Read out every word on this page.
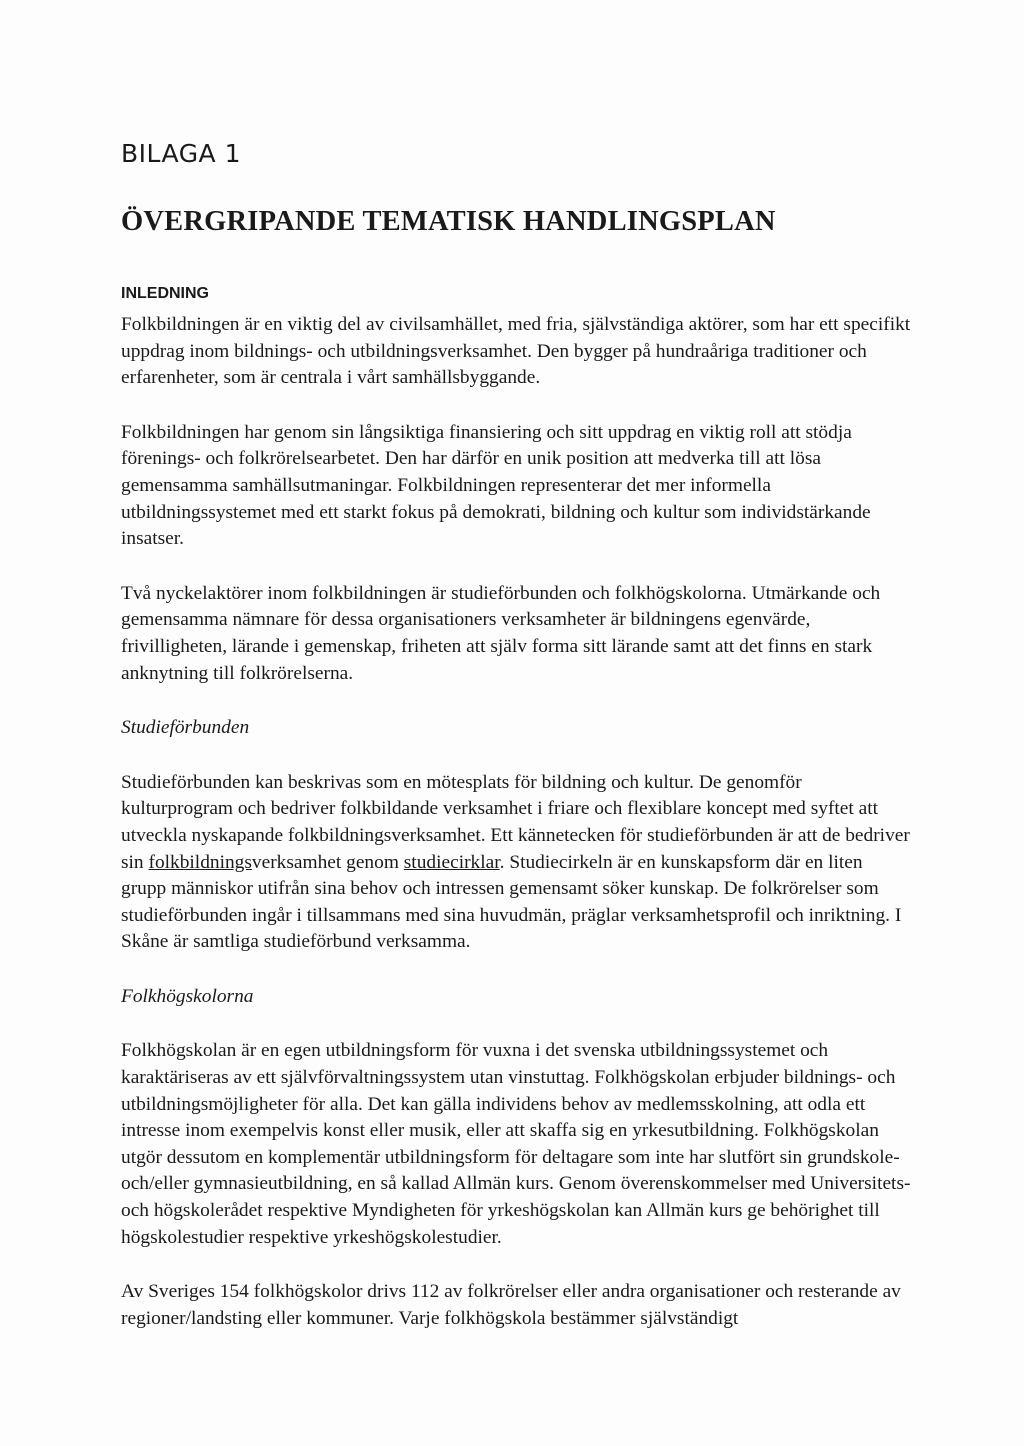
BILAGA 1
ÖVERGRIPANDE TEMATISK HANDLINGSPLAN
INLEDNING

Folkbildningen är en viktig del av civilsamhället, med fria, självständiga aktörer, som har ett specifikt uppdrag inom bildnings- och utbildningsverksamhet. Den bygger på hundraåriga traditioner och erfarenheter, som är centrala i vårt samhällsbyggande.

Folkbildningen har genom sin långsiktiga finansiering och sitt uppdrag en viktig roll att stödja förenings- och folkrörelsearbetet. Den har därför en unik position att medverka till att lösa gemensamma samhällsutmaningar. Folkbildningen representerar det mer informella utbildningssystemet med ett starkt fokus på demokrati, bildning och kultur som individstärkande insatser.

Två nyckelaktörer inom folkbildningen är studieförbunden och folkhögskolorna. Utmärkande och gemensamma nämnare för dessa organisationers verksamheter är bildningens egenvärde, frivilligheten, lärande i gemenskap, friheten att själv forma sitt lärande samt att det finns en stark anknytning till folkrörelserna.

Studieförbunden

Studieförbunden kan beskrivas som en mötesplats för bildning och kultur. De genomför kulturprogram och bedriver folkbildande verksamhet i friare och flexiblare koncept med syftet att utveckla nyskapande folkbildningsverksamhet. Ett kännetecken för studieförbunden är att de bedriver sin folkbildningsverksamhet genom studiecirklar. Studiecirkeln är en kunskapsform där en liten grupp människor utifrån sina behov och intressen gemensamt söker kunskap. De folkrörelser som studieförbunden ingår i tillsammans med sina huvudmän, präglar verksamhetsprofil och inriktning. I Skåne är samtliga studieförbund verksamma.

Folkhögskolorna

Folkhögskolan är en egen utbildningsform för vuxna i det svenska utbildningssystemet och karaktäriseras av ett självförvaltningssystem utan vinstuttag. Folkhögskolan erbjuder bildnings- och utbildningsmöjligheter för alla. Det kan gälla individens behov av medlemsskolning, att odla ett intresse inom exempelvis konst eller musik, eller att skaffa sig en yrkesutbildning. Folkhögskolan utgör dessutom en komplementär utbildningsform för deltagare som inte har slutfört sin grundskole-och/eller gymnasieutbildning, en så kallad Allmän kurs. Genom överenskommelser med Universitets- och högskolerådet respektive Myndigheten för yrkeshögskolan kan Allmän kurs ge behörighet till högskolestudier respektive yrkeshögskolestudier.

Av Sveriges 154 folkhögskolor drivs 112 av folkrörelser eller andra organisationer och resterande av regioner/landsting eller kommuner. Varje folkhögskola bestämmer självständigt
